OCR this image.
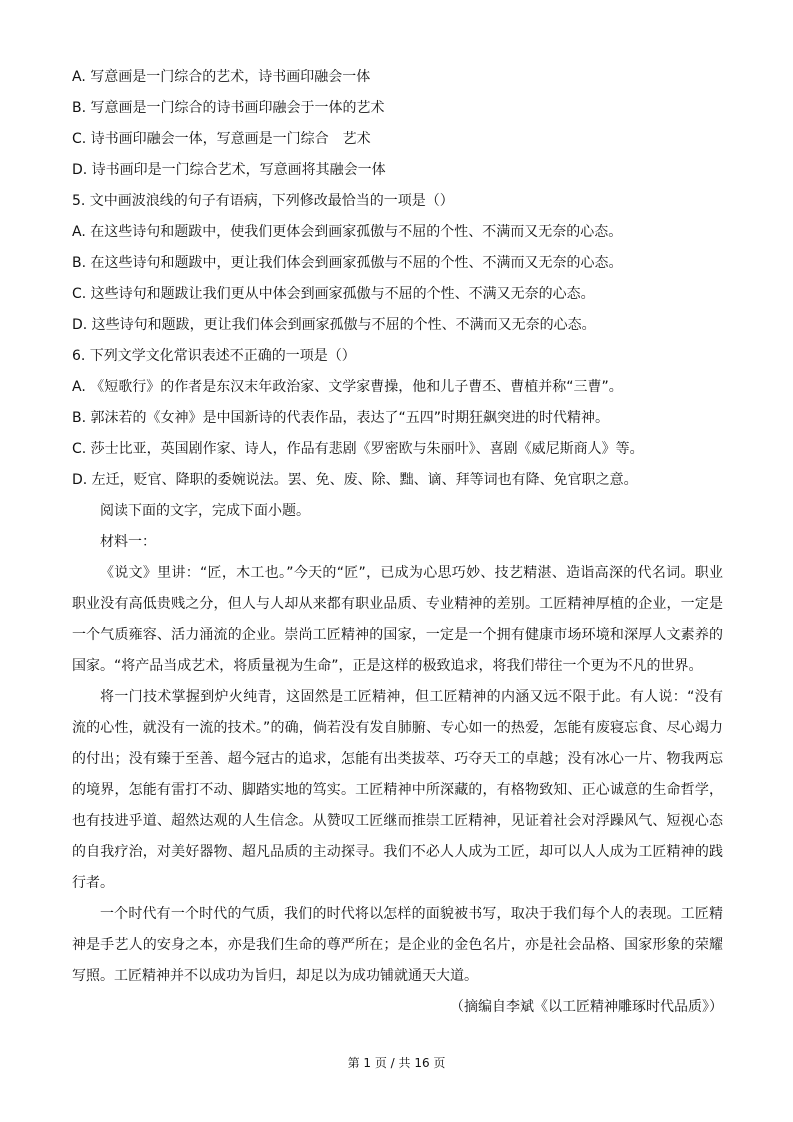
A. 写意画是一门综合的艺术，诗书画印融会一体
B. 写意画是一门综合的诗书画印融会于一体的艺术
C. 诗书画印融会一体，写意画是一门综合　艺术
D. 诗书画印是一门综合艺术，写意画将其融会一体
5. 文中画波浪线的句子有语病，下列修改最恰当的一项是（）
A. 在这些诗句和题跋中，使我们更体会到画家孤傲与不屈的个性、不满而又无奈的心态。
B. 在这些诗句和题跋中，更让我们体会到画家孤傲与不屈的个性、不满而又无奈的心态。
C. 这些诗句和题跋让我们更从中体会到画家孤傲与不屈的个性、不满又无奈的心态。
D. 这些诗句和题跋，更让我们体会到画家孤傲与不屈的个性、不满而又无奈的心态。
6. 下列文学文化常识表述不正确的一项是（）
A. 《短歌行》的作者是东汉末年政治家、文学家曹操，他和儿子曹丕、曹植并称“三曹”。
B. 郭沫若的《女神》是中国新诗的代表作品，表达了“五四”时期狂飙突进的时代精神。
C. 莎士比亚，英国剧作家、诗人，作品有悲剧《罗密欧与朱丽叶》、喜剧《威尼斯商人》等。
D. 左迁，贬官、降职的委婉说法。罢、免、废、除、黜、谪、拜等词也有降、免官职之意。
阅读下面的文字，完成下面小题。
材料一：
《说文》里讲：“匠，木工也。”今天的“匠”，已成为心思巧妙、技艺精湛、造诣高深的代名词。职业
职业没有高低贵贱之分，但人与人却从来都有职业品质、专业精神的差别。工匠精神厚植的企业，一定是
一个气质雍容、活力涌流的企业。崇尚工匠精神的国家，一定是一个拥有健康市场环境和深厚人文素养的
国家。“将产品当成艺术，将质量视为生命”，正是这样的极致追求，将我们带往一个更为不凡的世界。
将一门技术掌握到炉火纯青，这固然是工匠精神，但工匠精神的内涵又远不限于此。有人说：“没有
流的心性，就没有一流的技术。”的确，倘若没有发自肺腑、专心如一的热爱，怎能有废寝忘食、尽心竭力
的付出；没有臻于至善、超今冠古的追求，怎能有出类拔萃、巧夺天工的卓越；没有冰心一片、物我两忘
的境界，怎能有雷打不动、脚踏实地的笃实。工匠精神中所深藏的，有格物致知、正心诚意的生命哲学，
也有技进乎道、超然达观的人生信念。从赞叹工匠继而推崇工匠精神，见证着社会对浮躁风气、短视心态
的自我疗治，对美好器物、超凡品质的主动探寻。我们不必人人成为工匠，却可以人人成为工匠精神的践
行者。
一个时代有一个时代的气质，我们的时代将以怎样的面貌被书写，取决于我们每个人的表现。工匠精
神是手艺人的安身之本，亦是我们生命的尊严所在；是企业的金色名片，亦是社会品格、国家形象的荣耀
写照。工匠精神并不以成功为旨归，却足以为成功铺就通天大道。
（摘编自李斌《以工匠精神雕琢时代品质》）
第 1 页 / 共 16 页
